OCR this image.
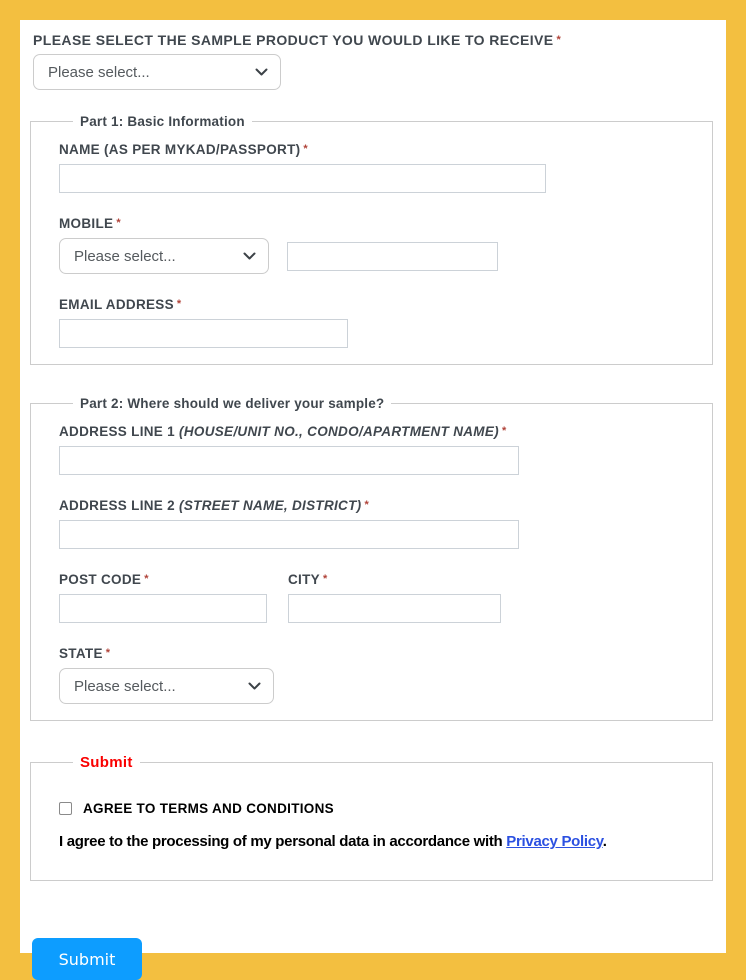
PLEASE SELECT THE SAMPLE PRODUCT YOU WOULD LIKE TO RECEIVE *
Please select...
Part 1: Basic Information
NAME (AS PER MYKAD/PASSPORT) *
MOBILE *
Please select...
EMAIL ADDRESS *
Part 2: Where should we deliver your sample?
ADDRESS LINE 1 (HOUSE/UNIT NO., CONDO/APARTMENT NAME) *
ADDRESS LINE 2 (STREET NAME, DISTRICT) *
POST CODE *	CITY *
STATE *
Please select...
Submit
AGREE TO TERMS AND CONDITIONS
I agree to the processing of my personal data in accordance with Privacy Policy.
Submit
